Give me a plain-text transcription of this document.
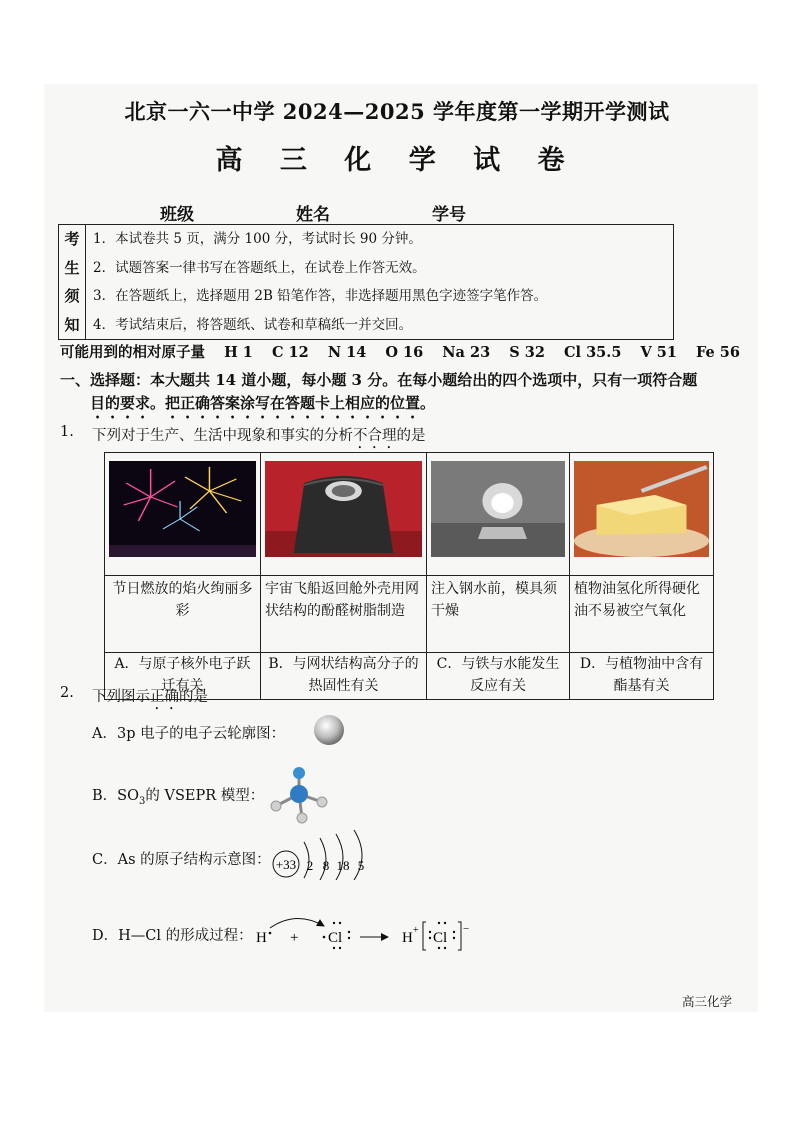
北京一六一中学 2024—2025 学年度第一学期开学测试
高 三 化 学 试 卷
班级	姓名	学号
考
生
须
知
1．本试卷共 5 页，满分 100 分，考试时长 90 分钟。
2．试题答案一律书写在答题纸上，在试卷上作答无效。
3．在答题纸上，选择题用 2B 铅笔作答，非选择题用黑色字迹签字笔作答。
4．考试结束后，将答题纸、试卷和草稿纸一并交回。
可能用到的相对原子量 H 1 C 12 N 14 O 16 Na 23 S 32 Cl 35.5 V 51 Fe 56
一、选择题：本大题共 14 道小题，每小题 3 分。在每小题给出的四个选项中，只有一项符合题
目的要求。把正确答案涂写在答题卡上相应的位置。
1. 下列对于生产、生活中现象和事实的分析不合理的是

节日燃放的焰火绚丽多彩	宇宙飞船返回舱外壳用网状结构的酚醛树脂制造	注入钢水前，模具须干燥	植物油氢化所得硬化油不易被空气氧化
A．与原子核外电子跃迁有关	B．与网状结构高分子的热固性有关	C．与铁与水能发生反应有关	D．与植物油中含有酯基有关
2. 下列图示正确的是
A．3p 电子的电子云轮廓图：
B．$SO_3$的 VSEPR 模型：
C．As 的原子结构示意图： +33 2 8 18 5
D．H—Cl 的形成过程： H + Cl	H + Cl
−
高三化学
